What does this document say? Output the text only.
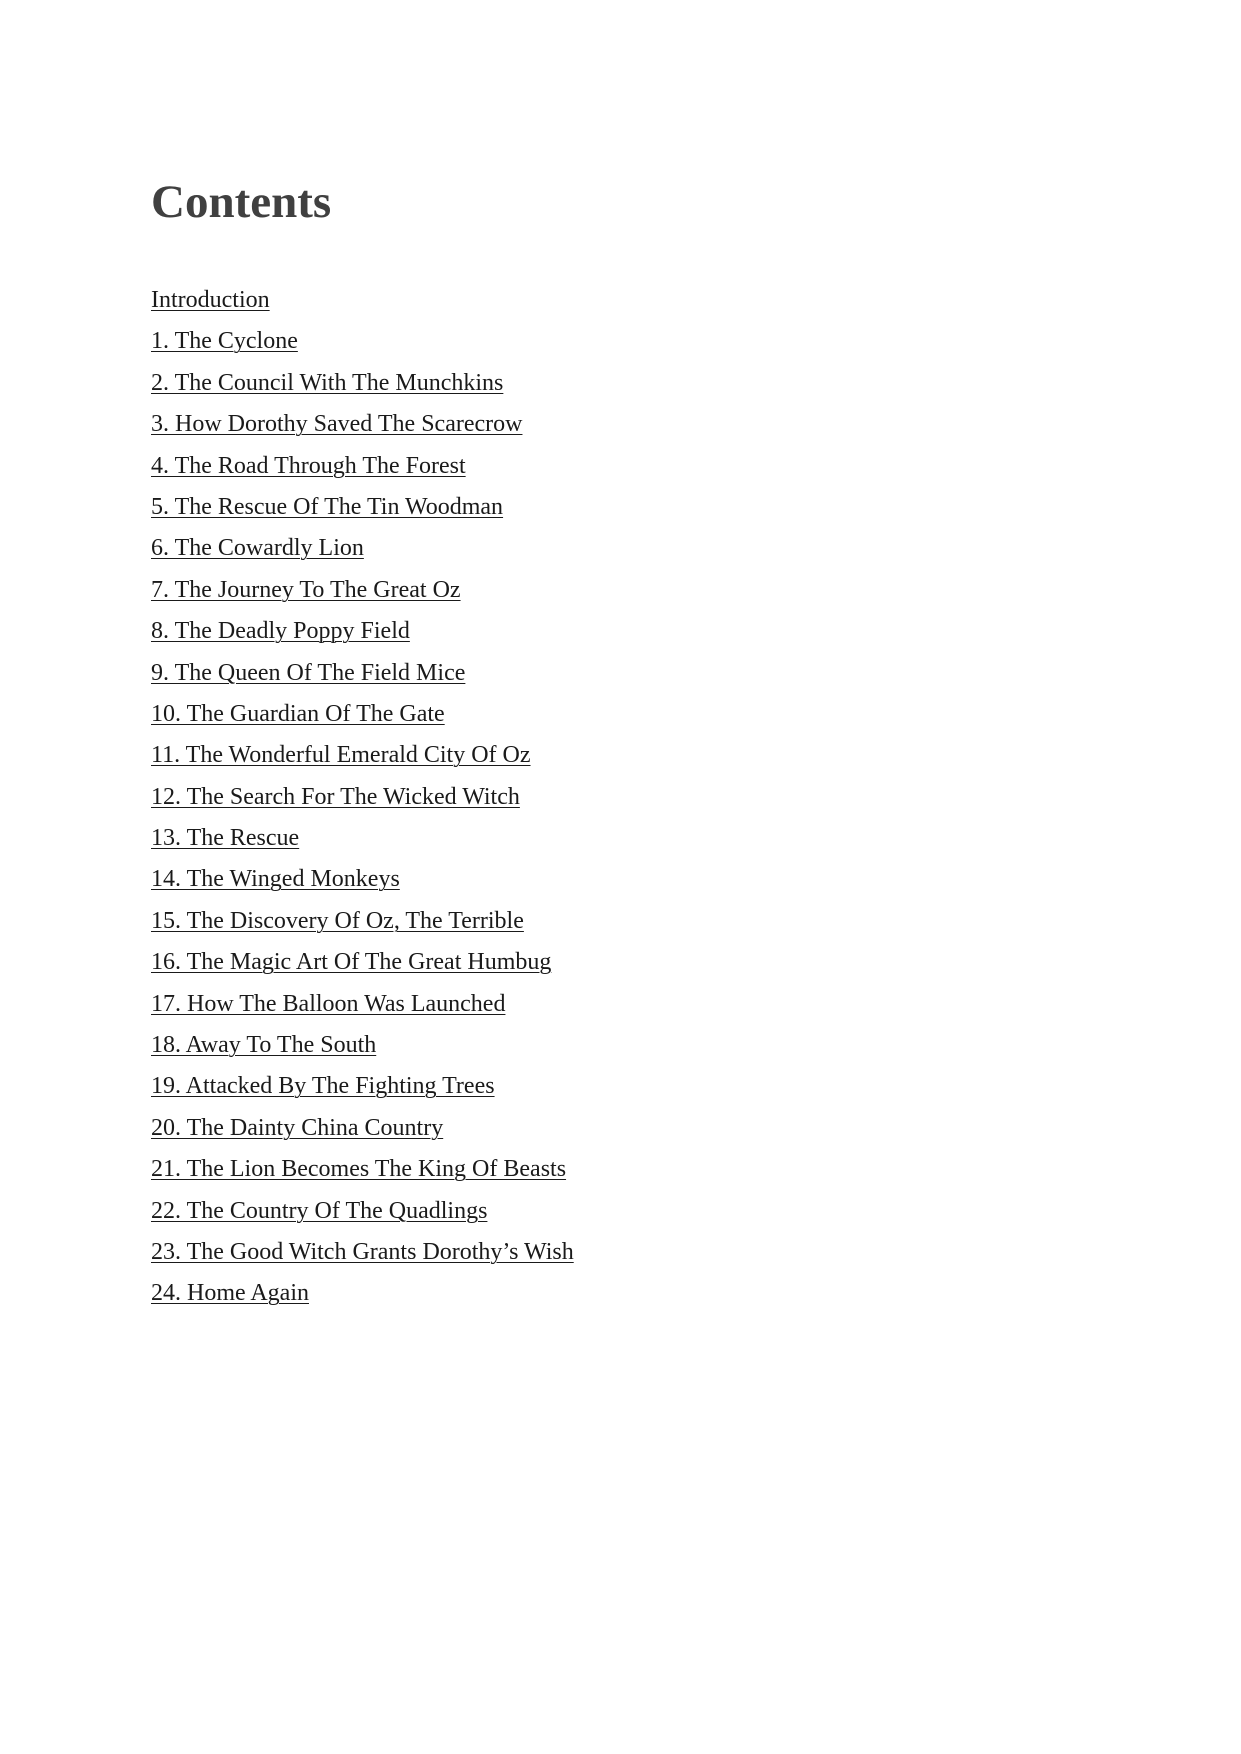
Contents
Introduction
1. The Cyclone
2. The Council With The Munchkins
3. How Dorothy Saved The Scarecrow
4. The Road Through The Forest
5. The Rescue Of The Tin Woodman
6. The Cowardly Lion
7. The Journey To The Great Oz
8. The Deadly Poppy Field
9. The Queen Of The Field Mice
10. The Guardian Of The Gate
11. The Wonderful Emerald City Of Oz
12. The Search For The Wicked Witch
13. The Rescue
14. The Winged Monkeys
15. The Discovery Of Oz, The Terrible
16. The Magic Art Of The Great Humbug
17. How The Balloon Was Launched
18. Away To The South
19. Attacked By The Fighting Trees
20. The Dainty China Country
21. The Lion Becomes The King Of Beasts
22. The Country Of The Quadlings
23. The Good Witch Grants Dorothy’s Wish
24. Home Again
